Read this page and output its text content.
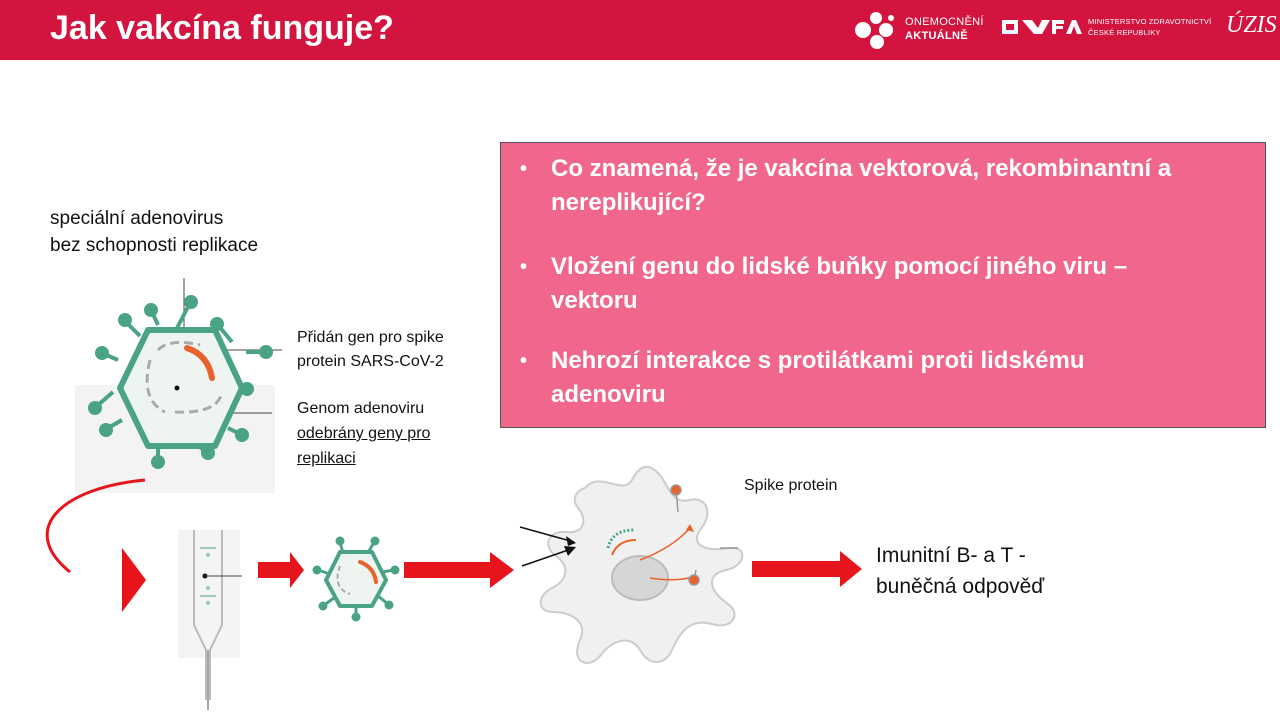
Jak vakcína funguje?	ONEMOCNĚNÍ
AKTUÁLNĚ
MINISTERSTVO ZDRAVOTNICTVÍ
ČESKÉ REPUBLIKY	ÚZIS
speciální adenovirus
bez schopnosti replikace
Přidán gen pro spike
protein SARS-CoV-2
Genom adenoviru
odebrány geny pro
replikaci
Spike protein
Imunitní B- a T -
buněčná odpověď
• Co znamená, že je vakcína vektorová, rekombinantní a
nereplikující?
• Vložení genu do lidské buňky pomocí jiného viru –
vektoru
• Nehrozí interakce s protilátkami proti lidskému
adenoviru
